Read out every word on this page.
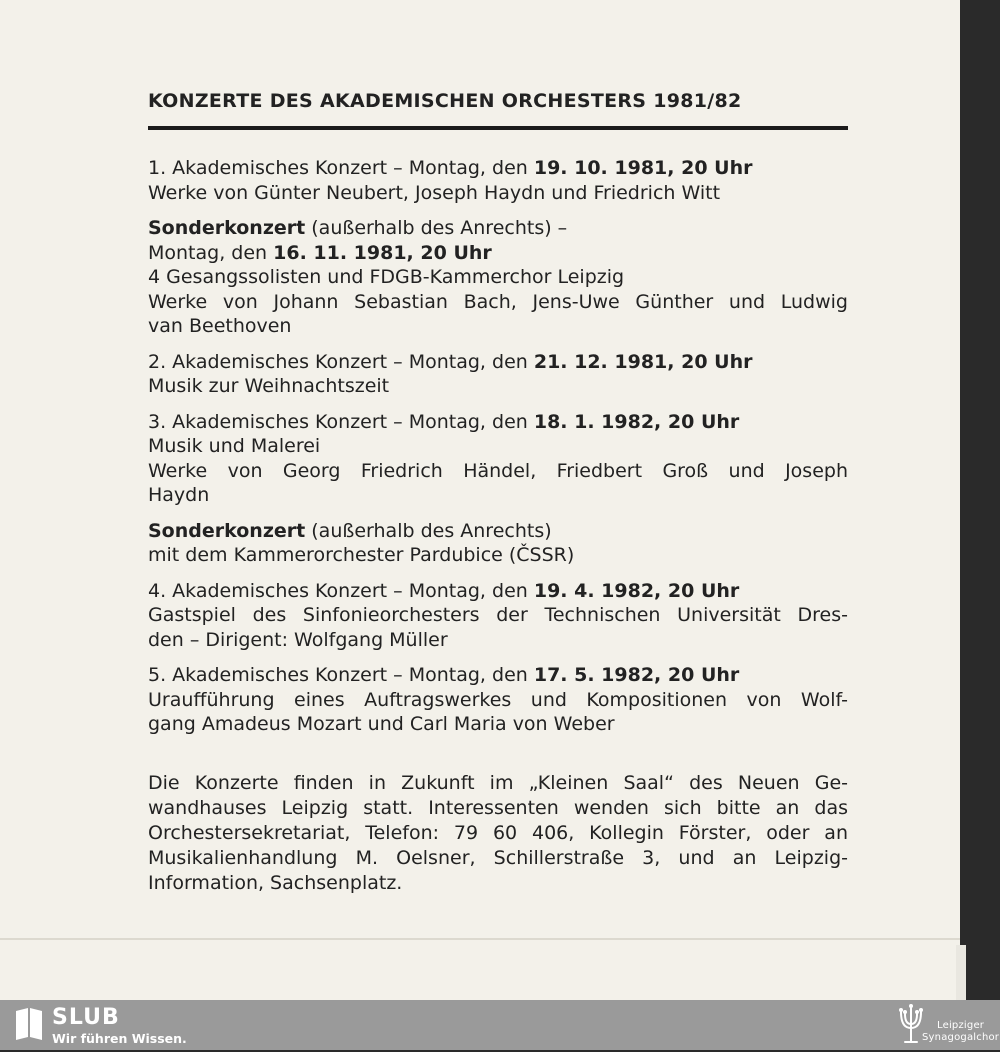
KONZERTE DES AKADEMISCHEN ORCHESTERS 1981/82
1. Akademisches Konzert – Montag, den 19. 10. 1981, 20 Uhr
Werke von Günter Neubert, Joseph Haydn und Friedrich Witt
Sonderkonzert (außerhalb des Anrechts) –
Montag, den 16. 11. 1981, 20 Uhr
4 Gesangssolisten und FDGB-Kammerchor Leipzig
Werke von Johann Sebastian Bach, Jens-Uwe Günther und Ludwig
van Beethoven
2. Akademisches Konzert – Montag, den 21. 12. 1981, 20 Uhr
Musik zur Weihnachtszeit
3. Akademisches Konzert – Montag, den 18. 1. 1982, 20 Uhr
Musik und Malerei
Werke von Georg Friedrich Händel, Friedbert Groß und Joseph
Haydn
Sonderkonzert (außerhalb des Anrechts)
mit dem Kammerorchester Pardubice (ČSSR)
4. Akademisches Konzert – Montag, den 19. 4. 1982, 20 Uhr
Gastspiel des Sinfonieorchesters der Technischen Universität Dres-
den – Dirigent: Wolfgang Müller
5. Akademisches Konzert – Montag, den 17. 5. 1982, 20 Uhr
Uraufführung eines Auftragswerkes und Kompositionen von Wolf-
gang Amadeus Mozart und Carl Maria von Weber
Die Konzerte finden in Zukunft im „Kleinen Saal“ des Neuen Ge-
wandhauses Leipzig statt. Interessenten wenden sich bitte an das
Orchestersekretariat, Telefon: 79 60 406, Kollegin Förster, oder an
Musikalienhandlung M. Oelsner, Schillerstraße 3, und an Leipzig-
Information, Sachsenplatz.
SLUB
Wir führen Wissen.
Leipziger
Synagogalchor
